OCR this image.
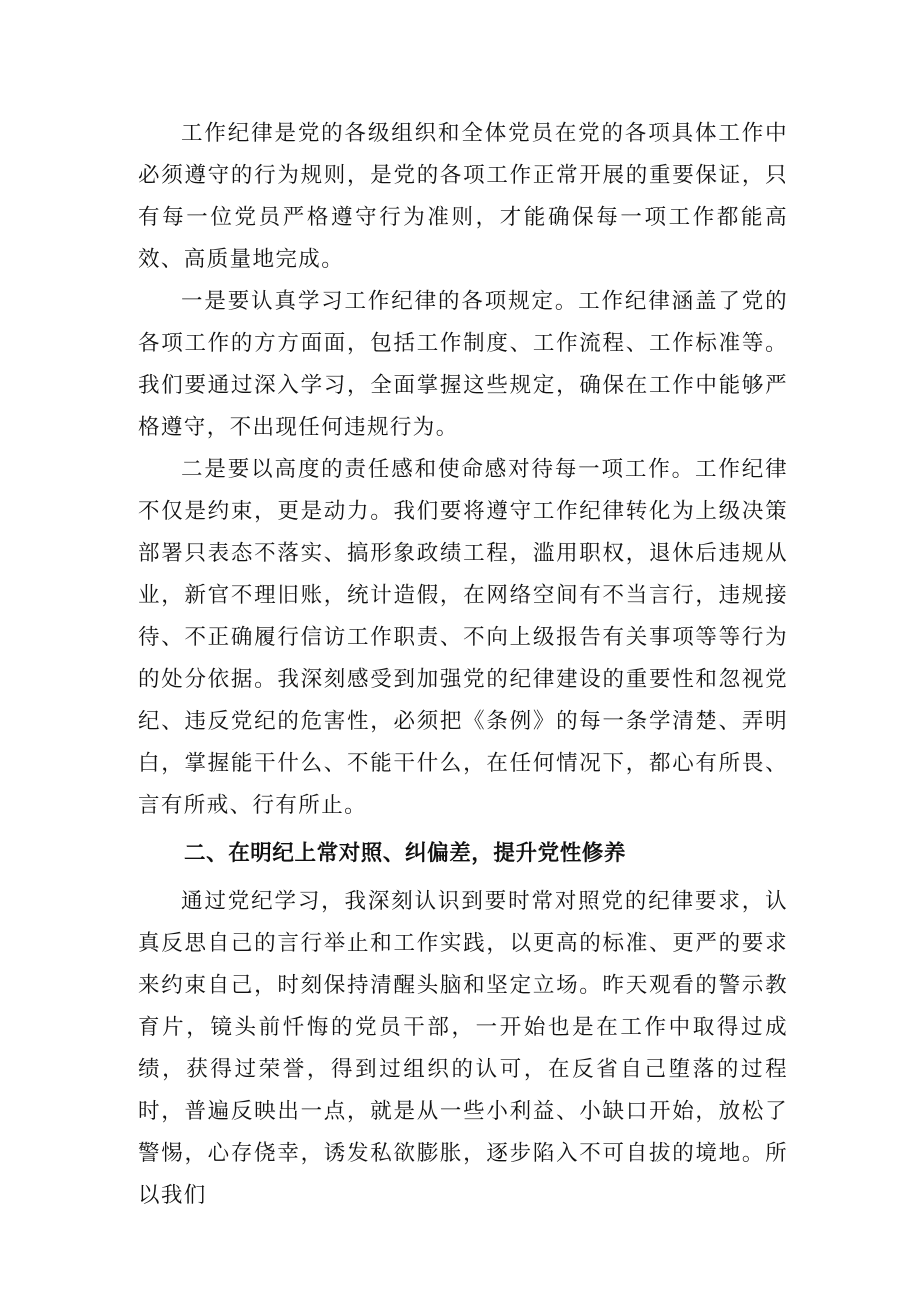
工作纪律是党的各级组织和全体党员在党的各项具体工作中必须遵守的行为规则，是党的各项工作正常开展的重要保证，只有每一位党员严格遵守行为准则，才能确保每一项工作都能高效、高质量地完成。

一是要认真学习工作纪律的各项规定。工作纪律涵盖了党的各项工作的方方面面，包括工作制度、工作流程、工作标准等。我们要通过深入学习，全面掌握这些规定，确保在工作中能够严格遵守，不出现任何违规行为。

二是要以高度的责任感和使命感对待每一项工作。工作纪律不仅是约束，更是动力。我们要将遵守工作纪律转化为上级决策部署只表态不落实、搞形象政绩工程，滥用职权，退休后违规从业，新官不理旧账，统计造假，在网络空间有不当言行，违规接待、不正确履行信访工作职责、不向上级报告有关事项等等行为的处分依据。我深刻感受到加强党的纪律建设的重要性和忽视党纪、违反党纪的危害性，必须把《条例》的每一条学清楚、弄明白，掌握能干什么、不能干什么，在任何情况下，都心有所畏、言有所戒、行有所止。

二、在明纪上常对照、纠偏差，提升党性修养

通过党纪学习，我深刻认识到要时常对照党的纪律要求，认真反思自己的言行举止和工作实践，以更高的标准、更严的要求来约束自己，时刻保持清醒头脑和坚定立场。昨天观看的警示教育片，镜头前忏悔的党员干部，一开始也是在工作中取得过成绩，获得过荣誉，得到过组织的认可，在反省自己堕落的过程时，普遍反映出一点，就是从一些小利益、小缺口开始，放松了警惕，心存侥幸，诱发私欲膨胀，逐步陷入不可自拔的境地。所以我们
